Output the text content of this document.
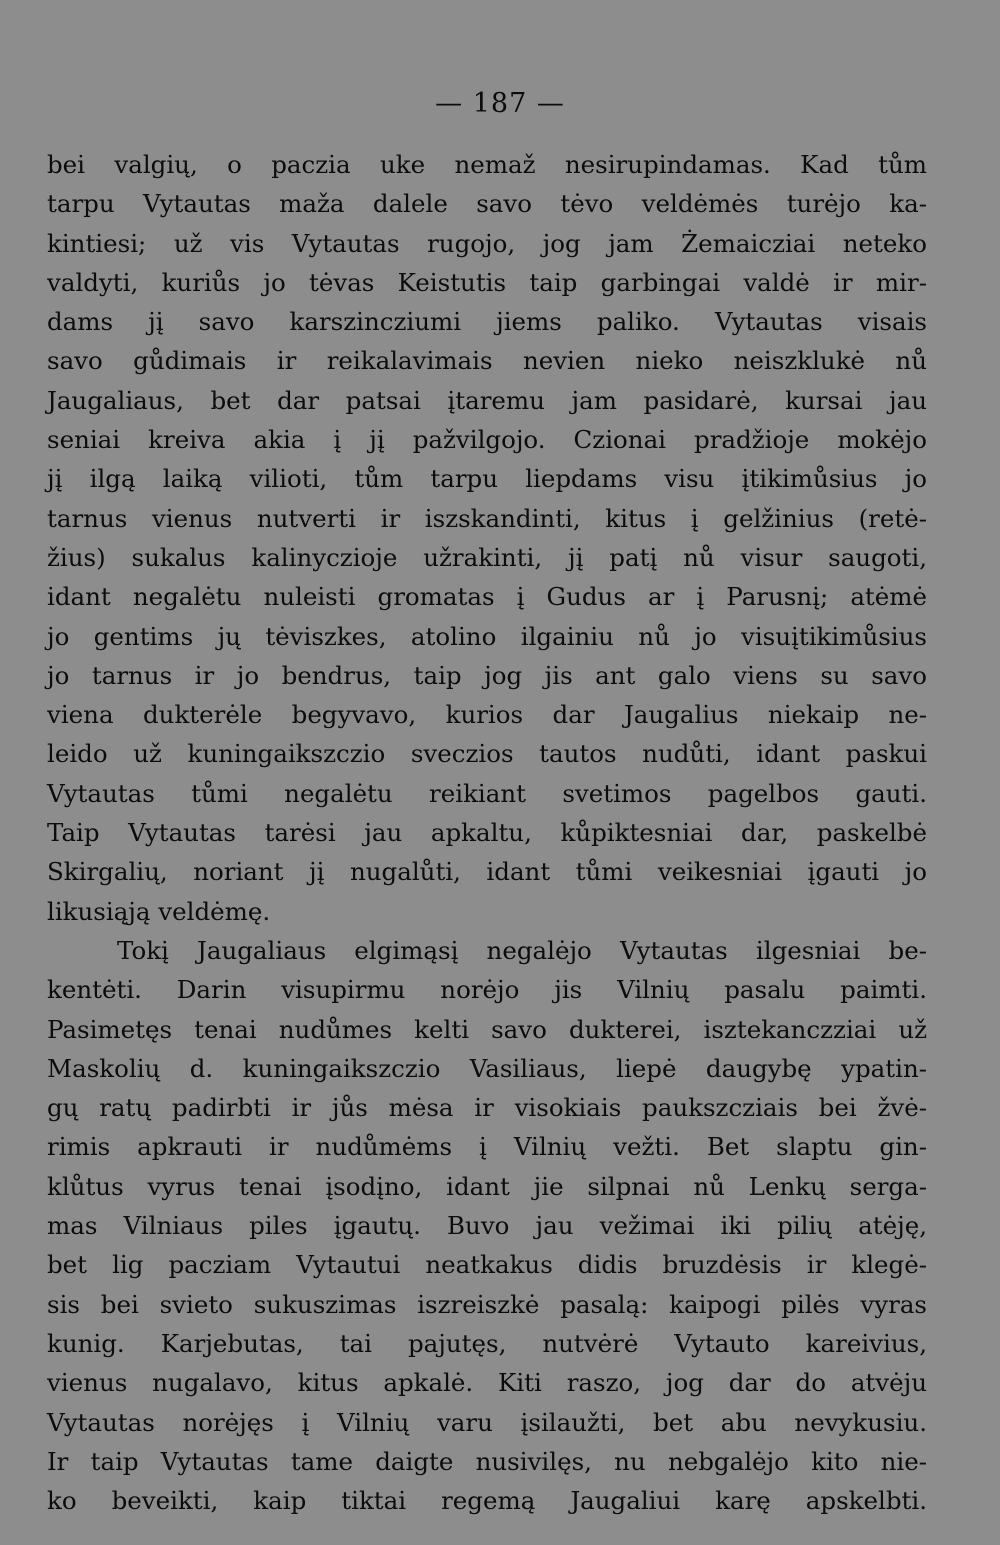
— 187 —
bei valgių, o paczia uke nemaž nesirupindamas. Kad tům
tarpu Vytautas maža dalele savo tėvo veldėmės turėjo ka-
kintiesi; už vis Vytautas rugojo, jog jam Żemaicziai neteko
valdyti, kuriůs jo tėvas Keistutis taip garbingai valdė ir mir-
dams jį savo karszincziumi jiems paliko. Vytautas visais
savo gůdimais ir reikalavimais nevien nieko neiszklukė nů
Jaugaliaus, bet dar patsai įtaremu jam pasidarė, kursai jau
seniai kreiva akia į jį pažvilgojo. Czionai pradžioje mokėjo
jį ilgą laiką vilioti, tům tarpu liepdams visu įtikimůsius jo
tarnus vienus nutverti ir iszskandinti, kitus į gelžinius (retė-
žius) sukalus kalinyczioje užrakinti, jį patį nů visur saugoti,
idant negalėtu nuleisti gromatas į Gudus ar į Parusnį; atėmė
jo gentims jų tėviszkes, atolino ilgainiu nů jo visuįtikimůsius
jo tarnus ir jo bendrus, taip jog jis ant galo viens su savo
viena dukterėle begyvavo, kurios dar Jaugalius niekaip ne-
leido už kuningaikszczio sveczios tautos nudůti, idant paskui
Vytautas tůmi negalėtu reikiant svetimos pagelbos gauti.
Taip Vytautas tarėsi jau apkaltu, kůpiktesniai dar, paskelbė
Skirgalių, noriant jį nugalůti, idant tůmi veikesniai įgauti jo
likusiąją veldėmę.
Tokį Jaugaliaus elgimąsį negalėjo Vytautas ilgesniai be-
kentėti. Darin visupirmu norėjo jis Vilnių pasalu paimti.
Pasimetęs tenai nudůmes kelti savo dukterei, isztekanczziai už
Maskolių d. kuningaikszczio Vasiliaus, liepė daugybę ypatin-
gų ratų padirbti ir jůs mėsa ir visokiais paukszcziais bei žvė-
rimis apkrauti ir nudůmėms į Vilnių vežti. Bet slaptu gin-
klůtus vyrus tenai įsodįno, idant jie silpnai nů Lenkų serga-
mas Vilniaus piles įgautų. Buvo jau vežimai iki pilių atėję,
bet lig pacziam Vytautui neatkakus didis bruzdėsis ir klegė-
sis bei svieto sukuszimas iszreiszkė pasalą: kaipogi pilės vyras
kunig. Karjebutas, tai pajutęs, nutvėrė Vytauto kareivius,
vienus nugalavo, kitus apkalė. Kiti raszo, jog dar do atvėju
Vytautas norėjęs į Vilnių varu įsilaužti, bet abu nevykusiu.
Ir taip Vytautas tame daigte nusivilęs, nu nebgalėjo kito nie-
ko beveikti, kaip tiktai regemą Jaugaliui karę apskelbti.
